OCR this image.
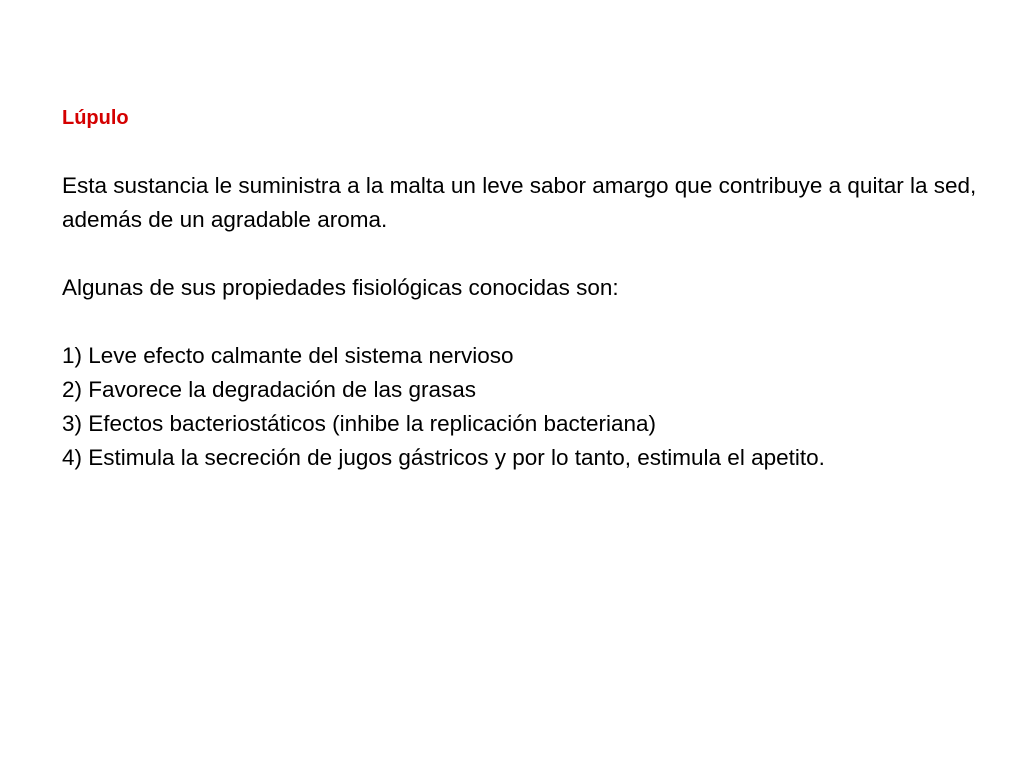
Lúpulo

Esta sustancia le suministra a la malta un leve sabor amargo que contribuye a quitar la sed, además de un agradable aroma.

Algunas de sus propiedades fisiológicas conocidas son:

1) Leve efecto calmante del sistema nervioso
2) Favorece la degradación de las grasas
3) Efectos bacteriostáticos (inhibe la replicación bacteriana)
4) Estimula la secreción de jugos gástricos y por lo tanto, estimula el apetito.
